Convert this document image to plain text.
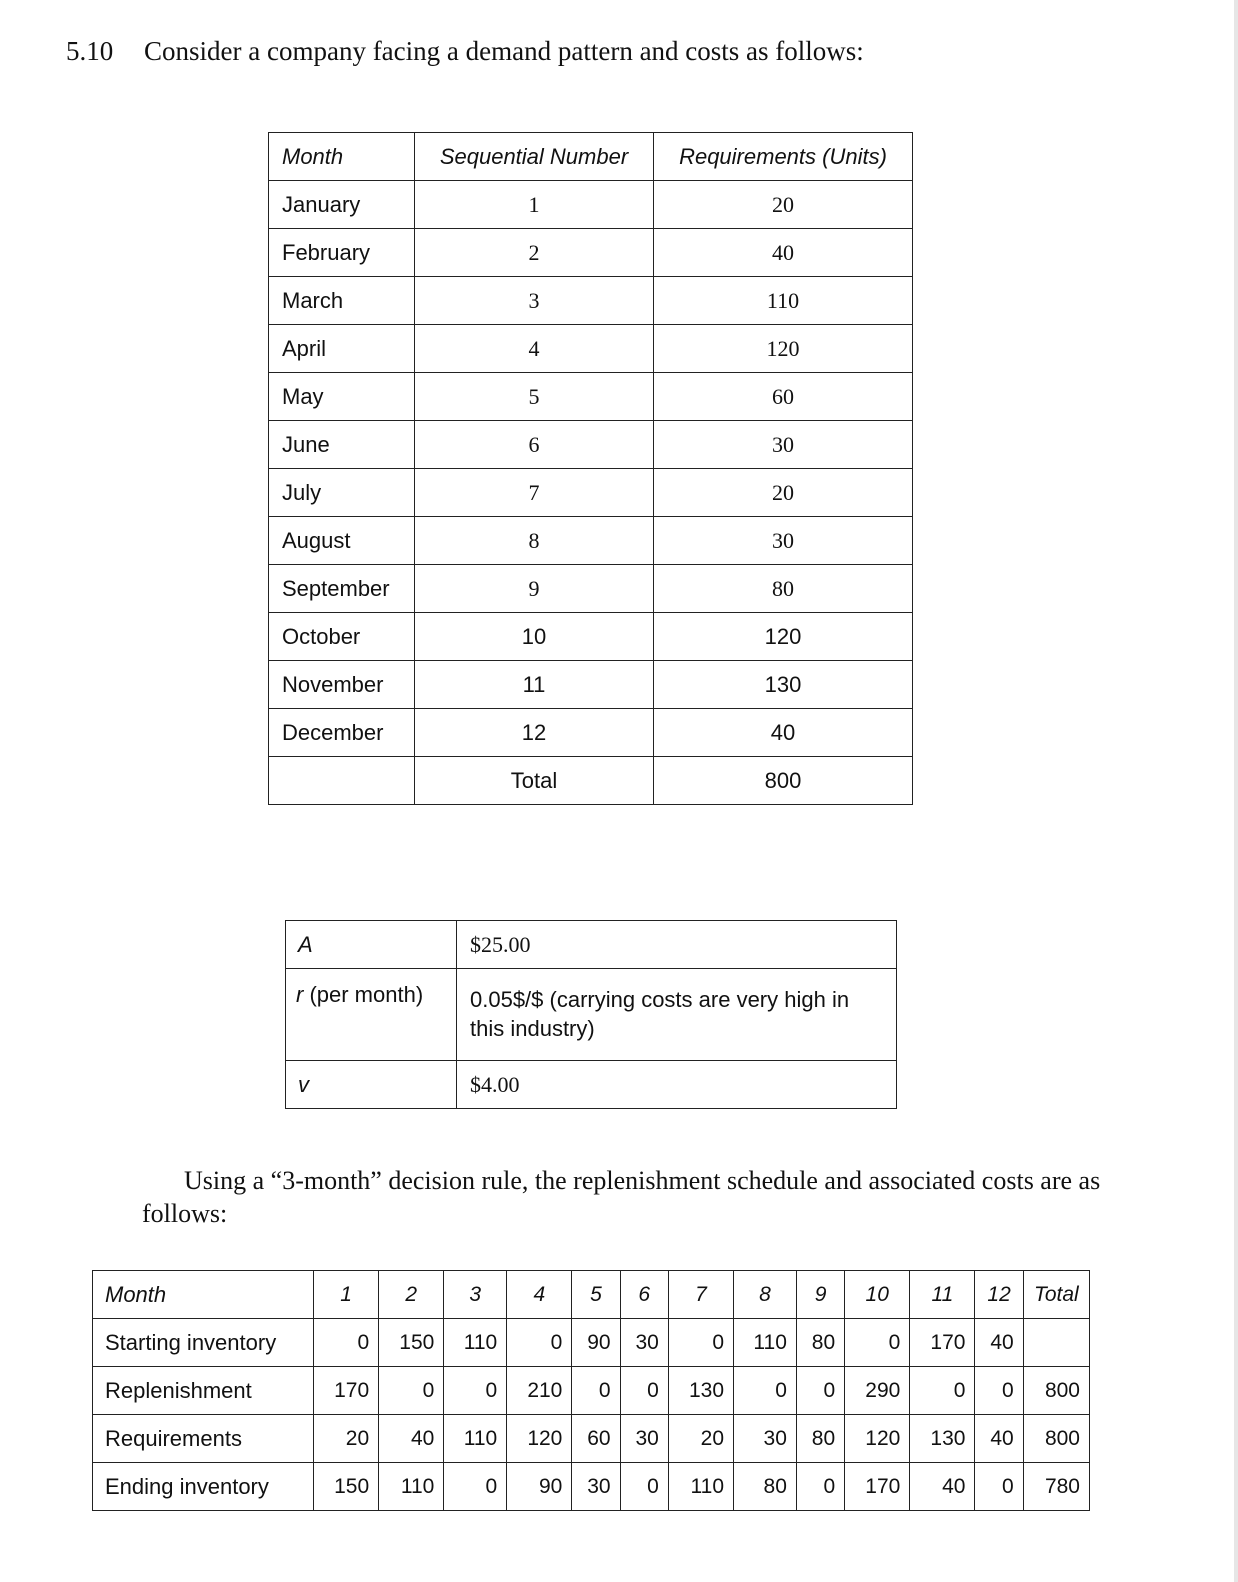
5.10 Consider a company facing a demand pattern and costs as follows:
Month	Sequential Number	Requirements (Units)
January	1	20
February	2	40
March	3	110
April	4	120
May	5	60
June	6	30
July	7	20
August	8	30
September	9	80
October	10	120
November	11	130
December	12	40
	Total	800
A	$25.00
r (per month)	0.05$/$ (carrying costs are very high in this industry)
v	$4.00
Using a “3-month” decision rule, the replenishment schedule and associated costs are as follows:
Month	1	2	3	4	5	6	7	8	9	10	11	12	Total
Starting inventory	0	150	110	0	90	30	0	110	80	0	170	40	
Replenishment	170	0	0	210	0	0	130	0	0	290	0	0	800
Requirements	20	40	110	120	60	30	20	30	80	120	130	40	800
Ending inventory	150	110	0	90	30	0	110	80	0	170	40	0	780
